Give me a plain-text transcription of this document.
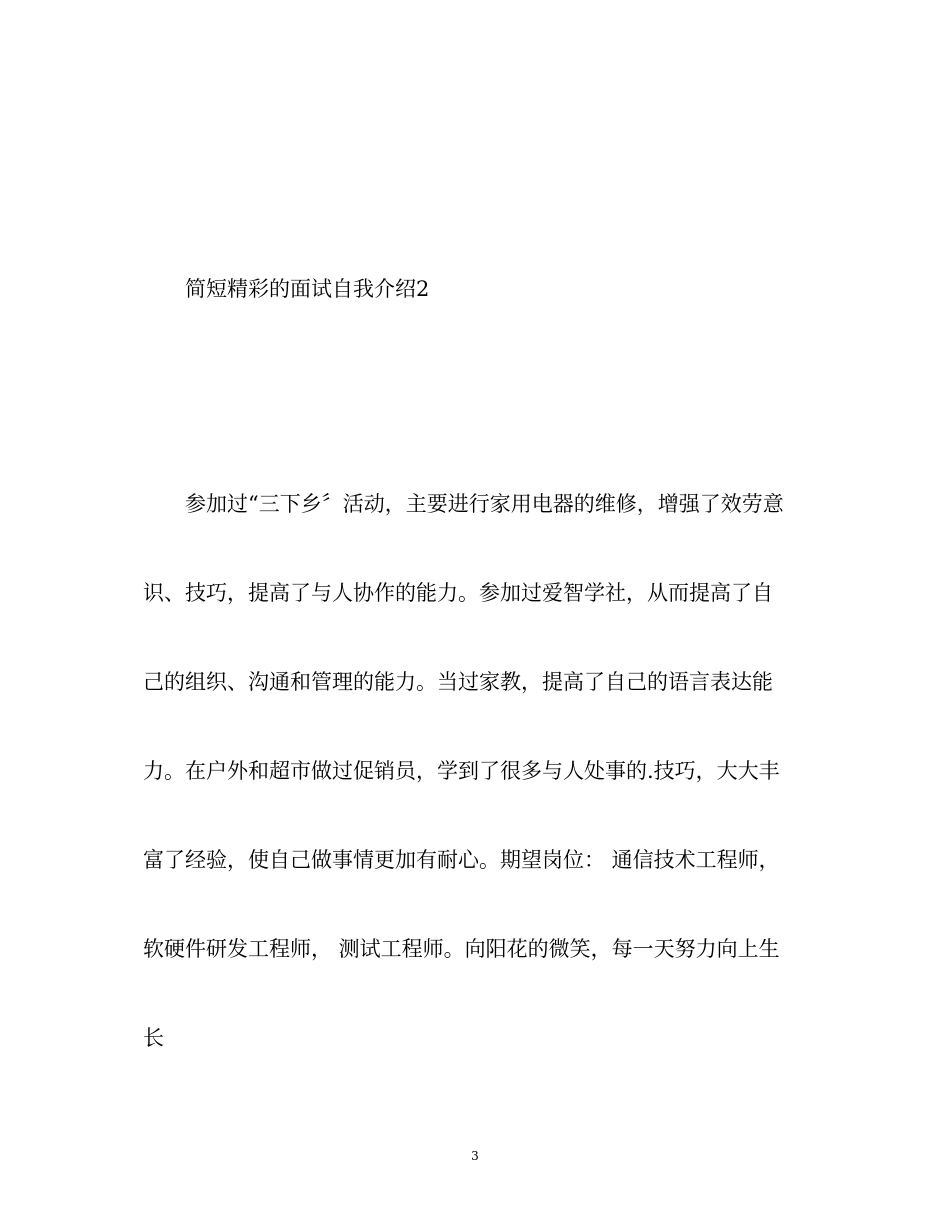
简短精彩的面试自我介绍2
参加过“三下乡〞活动，主要进行家用电器的维修，增强了效劳意
识、技巧，提高了与人协作的能力。参加过爱智学社，从而提高了自
己的组织、沟通和管理的能力。当过家教，提高了自己的语言表达能
力。在户外和超市做过促销员，学到了很多与人处事的.技巧，大大丰
富了经验，使自己做事情更加有耐心。期望岗位： 通信技术工程师，
软硬件研发工程师， 测试工程师。向阳花的微笑，每一天努力向上生
长
3
